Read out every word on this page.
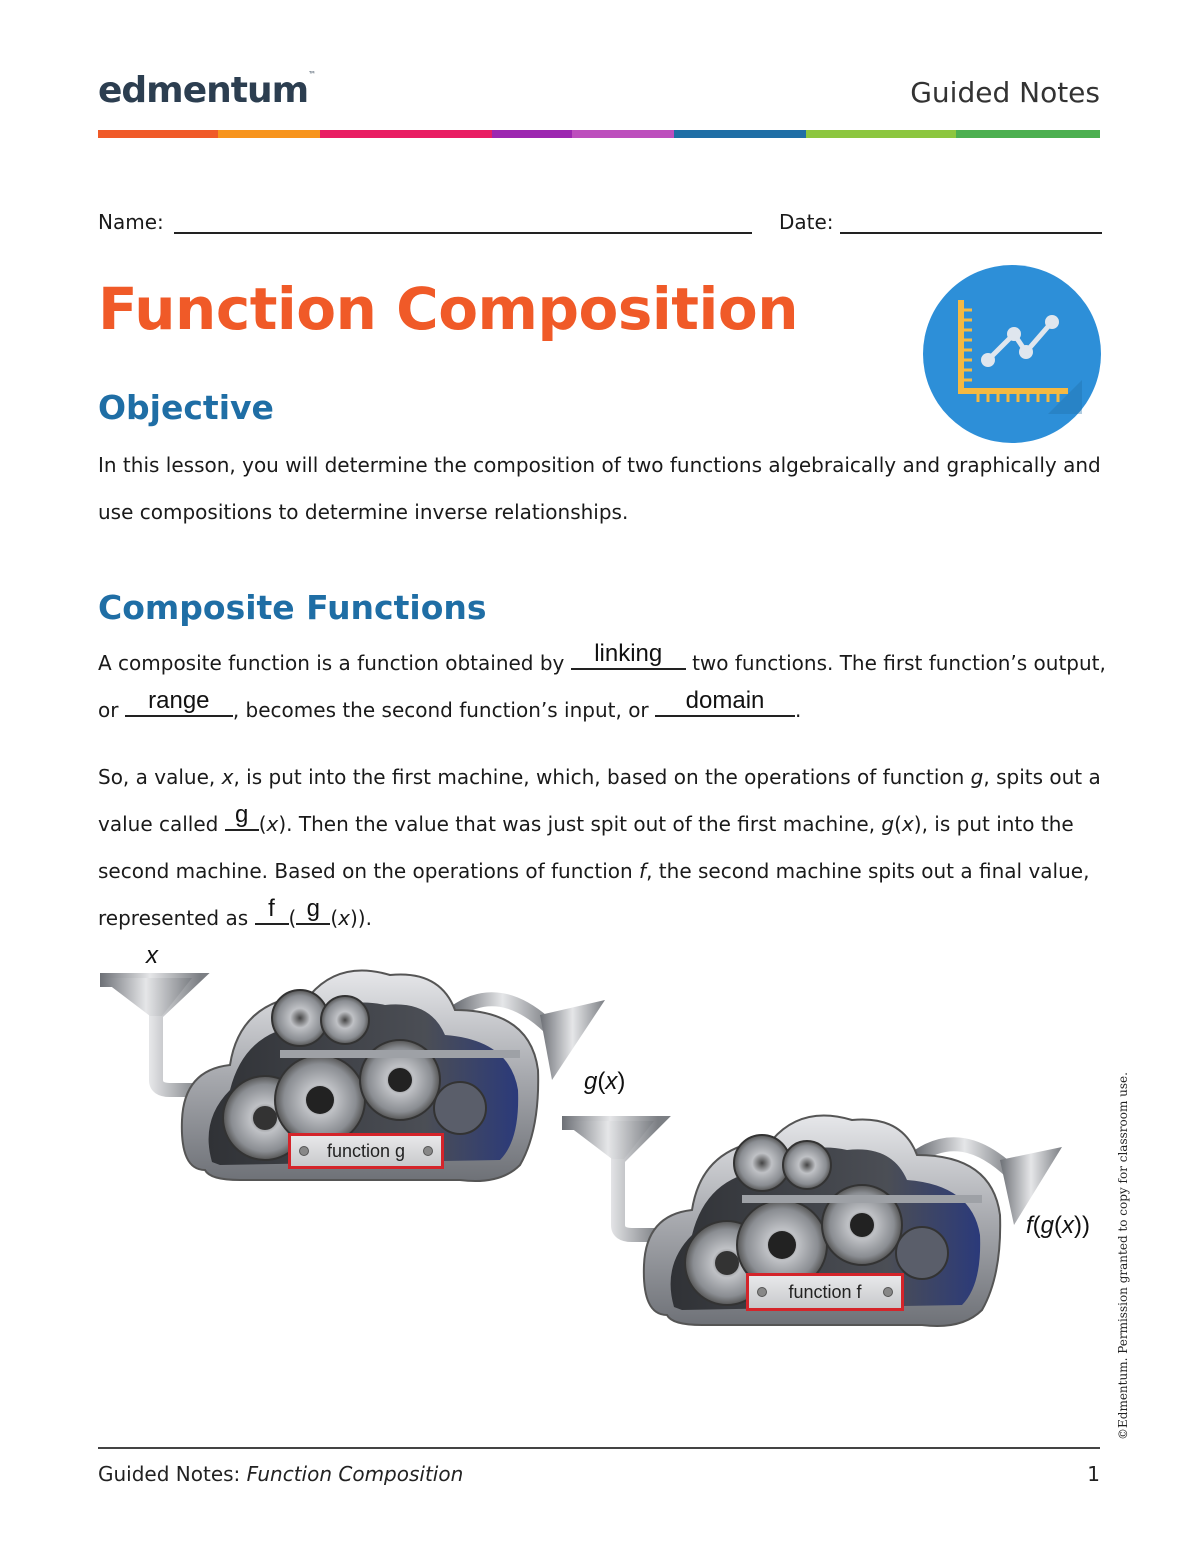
edmentum™
Guided Notes
Name:	Date:
Function Composition
Objective
In this lesson, you will determine the composition of two functions algebraically and graphically and use compositions to determine inverse relationships.
Composite Functions
A composite function is a function obtained by linking	two functions. The first function’s output, or range	, becomes the second function’s input, or	domain	.
So, a value, x, is put into the first machine, which, based on the operations of function g, spits out a value called g (x). Then the value that was just spit out of the first machine, g(x), is put into the second machine. Based on the operations of function f, the second machine spits out a final value, represented as f ( g (x)).
x
g(x)
f(g(x))
function g
function f	©Edmentum. Permission granted to copy for classroom use.
Guided Notes: Function Composition	1
